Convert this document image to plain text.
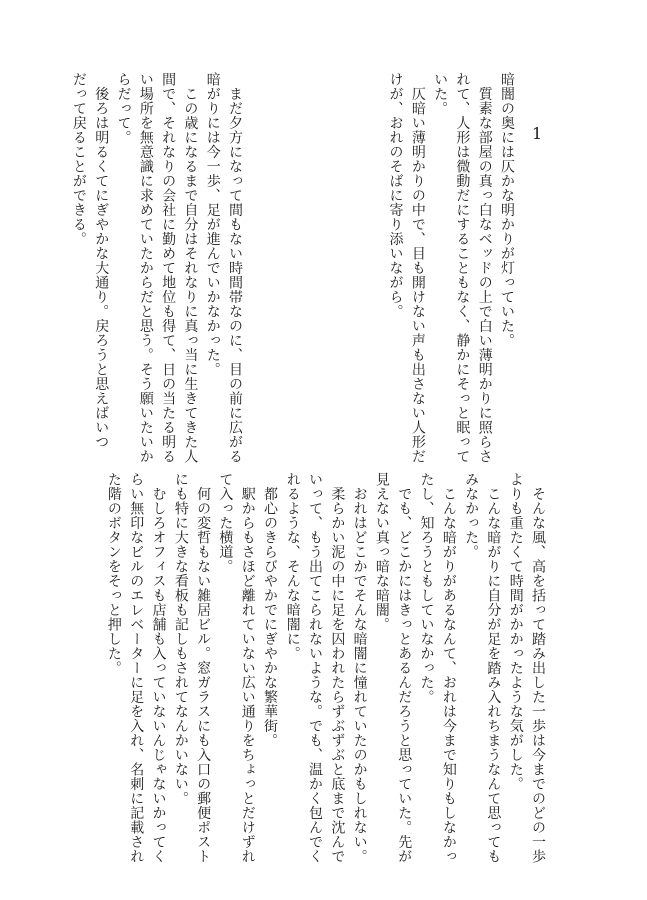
1

暗闇の奥には仄かな明かりが灯っていた。
　質素な部屋の真っ白なベッドの上で白い薄明かりに照らさ
れて、人形は微動だにすることもなく、静かにそっと眠って
いた。
　仄暗い薄明かりの中で、目も開けない声も出さない人形だ
けが、おれのそばに寄り添いながら。

　まだ夕方になって間もない時間帯なのに、目の前に広がる
暗がりには今一歩、足が進んでいかなかった。
　この歳になるまで自分はそれなりに真っ当に生きてきた人
間で、それなりの会社に勤めて地位も得て、日の当たる明る
い場所を無意識に求めていたからだと思う。そう願いたいか
らだって。
　後ろは明るくてにぎやかな大通り。戻ろうと思えばいつ
だって戻ることができる。

　そんな風、高を括って踏み出した一歩は今までのどの一歩
よりも重たくて時間がかかったような気がした。
　こんな暗がりに自分が足を踏み入れちまうなんて思っても
みなかった。
　こんな暗がりがあるなんて、おれは今まで知りもしなかっ
たし、知ろうともしていなかった。
　でも、どこかにはきっとあるんだろうと思っていた。先が
見えない真っ暗な暗闇。
　おれはどこかでそんな暗闇に憧れていたのかもしれない。
　柔らかい泥の中に足を囚われたらずぶずぶと底まで沈んで
いって、もう出てこられないような。でも、温かく包んでく
れるような、そんな暗闇に。

　都心のきらびやかでにぎやかな繁華街。
　駅からもさほど離れていない広い通りをちょっとだけずれ
て入った横道。
　何の変哲もない雑居ビル。窓ガラスにも入口の郵便ポスト
にも特に大きな看板も記しもされてなんかいない。
　むしろオフィスも店舗も入っていないんじゃないかってく
らい無印なビルのエレベーターに足を入れ、名刺に記載され
た階のボタンをそっと押した。
